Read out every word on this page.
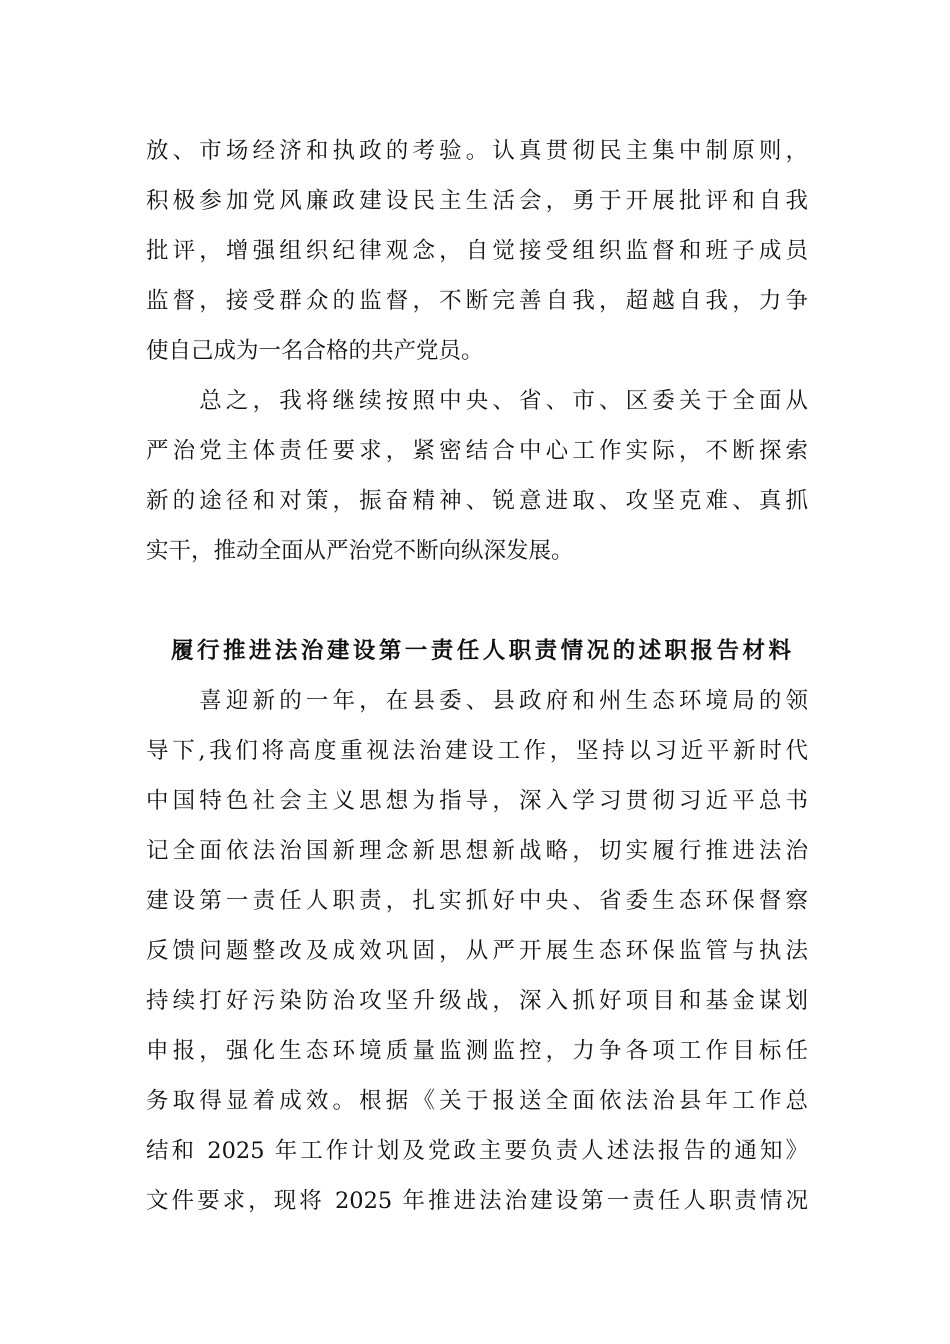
放、市场经济和执政的考验。认真贯彻民主集中制原则，
积极参加党风廉政建设民主生活会，勇于开展批评和自我
批评，增强组织纪律观念，自觉接受组织监督和班子成员
监督，接受群众的监督，不断完善自我，超越自我，力争
使自己成为一名合格的共产党员。
　　总之，我将继续按照中央、省、市、区委关于全面从
严治党主体责任要求，紧密结合中心工作实际，不断探索
新的途径和对策，振奋精神、锐意进取、攻坚克难、真抓
实干，推动全面从严治党不断向纵深发展。
履行推进法治建设第一责任人职责情况的述职报告材料
　　喜迎新的一年，在县委、县政府和州生态环境局的领
导下,我们将高度重视法治建设工作，坚持以习近平新时代
中国特色社会主义思想为指导，深入学习贯彻习近平总书
记全面依法治国新理念新思想新战略，切实履行推进法治
建设第一责任人职责，扎实抓好中央、省委生态环保督察
反馈问题整改及成效巩固，从严开展生态环保监管与执法
持续打好污染防治攻坚升级战，深入抓好项目和基金谋划
申报，强化生态环境质量监测监控，力争各项工作目标任
务取得显着成效。根据《关于报送全面依法治县年工作总
结和 2025 年工作计划及党政主要负责人述法报告的通知》
文件要求，现将 2025 年推进法治建设第一责任人职责情况
